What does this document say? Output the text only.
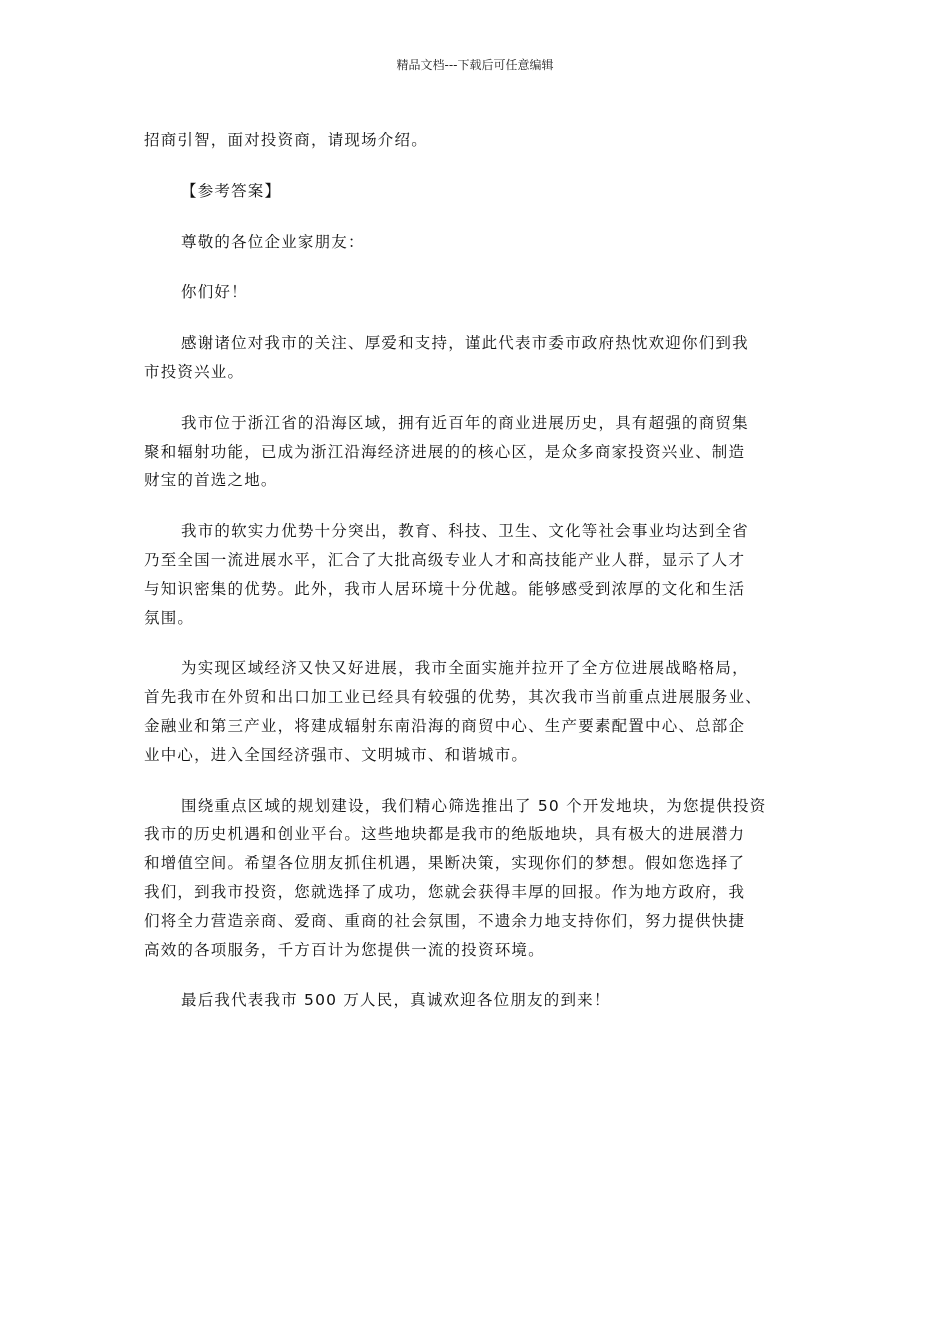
精品文档---下载后可任意编辑
招商引智，面对投资商，请现场介绍。
【参考答案】
尊敬的各位企业家朋友：
你们好！
感谢诸位对我市的关注、厚爱和支持，谨此代表市委市政府热忱欢迎你们到我
市投资兴业。
我市位于浙江省的沿海区域，拥有近百年的商业进展历史，具有超强的商贸集
聚和辐射功能，已成为浙江沿海经济进展的的核心区，是众多商家投资兴业、制造
财宝的首选之地。
我市的软实力优势十分突出，教育、科技、卫生、文化等社会事业均达到全省
乃至全国一流进展水平，汇合了大批高级专业人才和高技能产业人群，显示了人才
与知识密集的优势。此外，我市人居环境十分优越。能够感受到浓厚的文化和生活
氛围。
为实现区域经济又快又好进展，我市全面实施并拉开了全方位进展战略格局，
首先我市在外贸和出口加工业已经具有较强的优势，其次我市当前重点进展服务业、
金融业和第三产业，将建成辐射东南沿海的商贸中心、生产要素配置中心、总部企
业中心，进入全国经济强市、文明城市、和谐城市。
围绕重点区域的规划建设，我们精心筛选推出了 50 个开发地块，为您提供投资
我市的历史机遇和创业平台。这些地块都是我市的绝版地块，具有极大的进展潜力
和增值空间。希望各位朋友抓住机遇，果断决策，实现你们的梦想。假如您选择了
我们，到我市投资，您就选择了成功，您就会获得丰厚的回报。作为地方政府，我
们将全力营造亲商、爱商、重商的社会氛围，不遗余力地支持你们，努力提供快捷
高效的各项服务，千方百计为您提供一流的投资环境。
最后我代表我市 500 万人民，真诚欢迎各位朋友的到来！
